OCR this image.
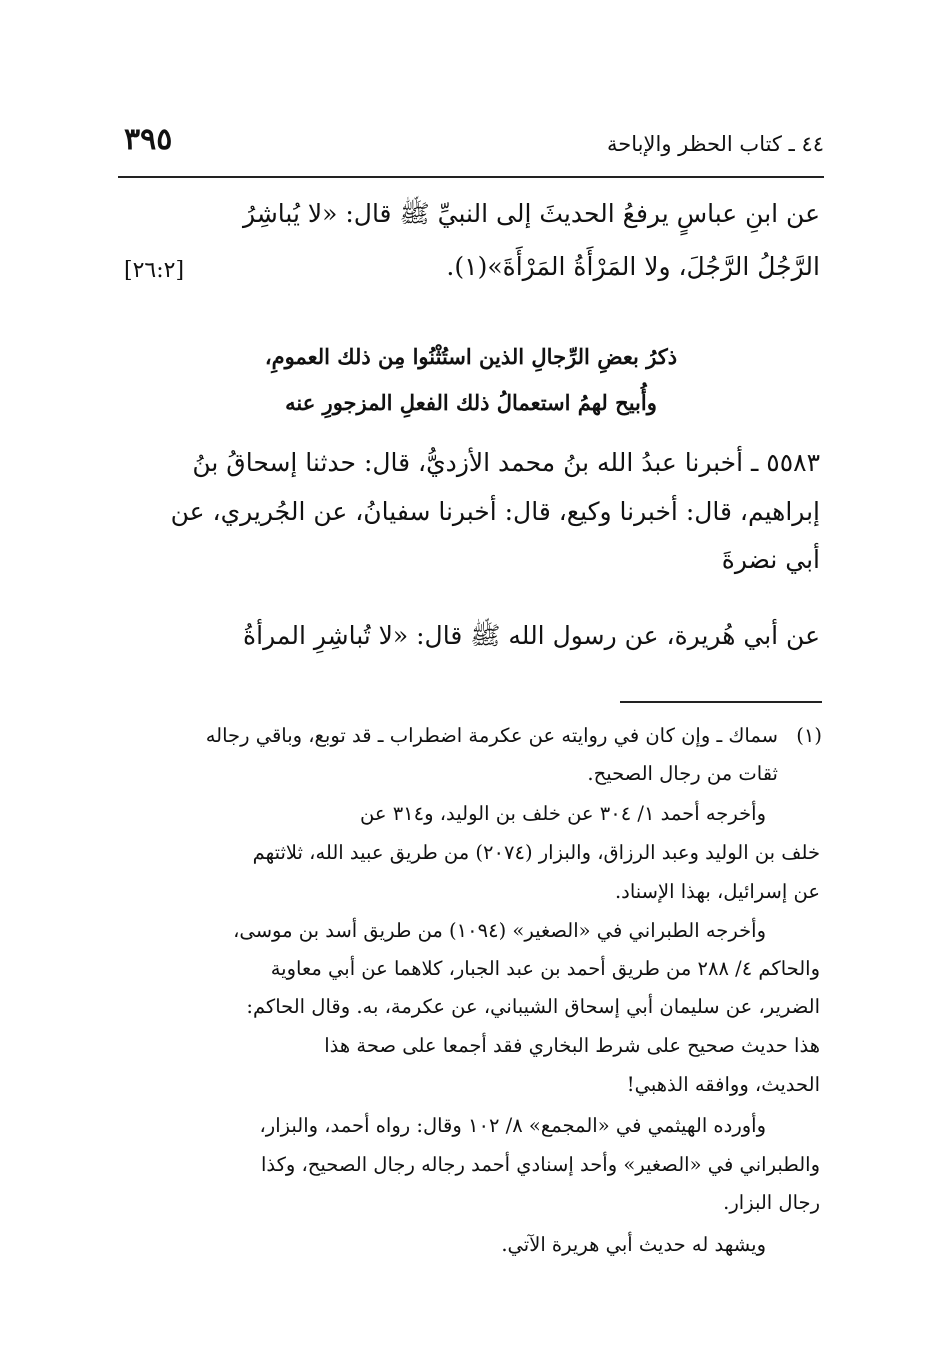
٤٤ ـ كتاب الحظر والإباحة
٣٩٥
عن ابنِ عباسٍ يرفعُ الحديثَ إلى النبيِّ ﷺ قال: «لا يُباشِرُ
الرَّجُلُ الرَّجُلَ، ولا المَرْأَةُ المَرْأَةَ»(١).
[٢٦:٢]
ذكرُ بعضِ الرِّجالِ الذين استُثْنُوا مِن ذلك العمومِ،
وأُبيح لهمُ استعمالُ ذلك الفعلِ المزجورِ عنه
٥٥٨٣ ـ أخبرنا عبدُ الله بنُ محمد الأزديُّ، قال: حدثنا إسحاقُ بنُ
إبراهيم، قال: أخبرنا وكيع، قال: أخبرنا سفيانُ، عن الجُريري، عن
أبي نضرةَ
عن أبي هُريرة، عن رسول الله ﷺ قال: «لا تُباشِرِ المرأةُ
(١)
سماك ـ وإن كان في روايته عن عكرمة اضطراب ـ قد توبع، وباقي رجاله
ثقات من رجال الصحيح.
وأخرجه أحمد ١/ ٣٠٤ عن خلف بن الوليد، و٣١٤ عن
خلف بن الوليد وعبد الرزاق، والبزار (٢٠٧٤) من طريق عبيد الله، ثلاثتهم
عن إسرائيل، بهذا الإسناد.
وأخرجه الطبراني في «الصغير» (١٠٩٤) من طريق أسد بن موسى،
والحاكم ٤/ ٢٨٨ من طريق أحمد بن عبد الجبار، كلاهما عن أبي معاوية
الضرير، عن سليمان أبي إسحاق الشيباني، عن عكرمة، به. وقال الحاكم:
هذا حديث صحيح على شرط البخاري فقد أجمعا على صحة هذا
الحديث، ووافقه الذهبي!
وأورده الهيثمي في «المجمع» ٨/ ١٠٢ وقال: رواه أحمد، والبزار،
والطبراني في «الصغير» وأحد إسنادي أحمد رجاله رجال الصحيح، وكذا
رجال البزار.
ويشهد له حديث أبي هريرة الآتي.
